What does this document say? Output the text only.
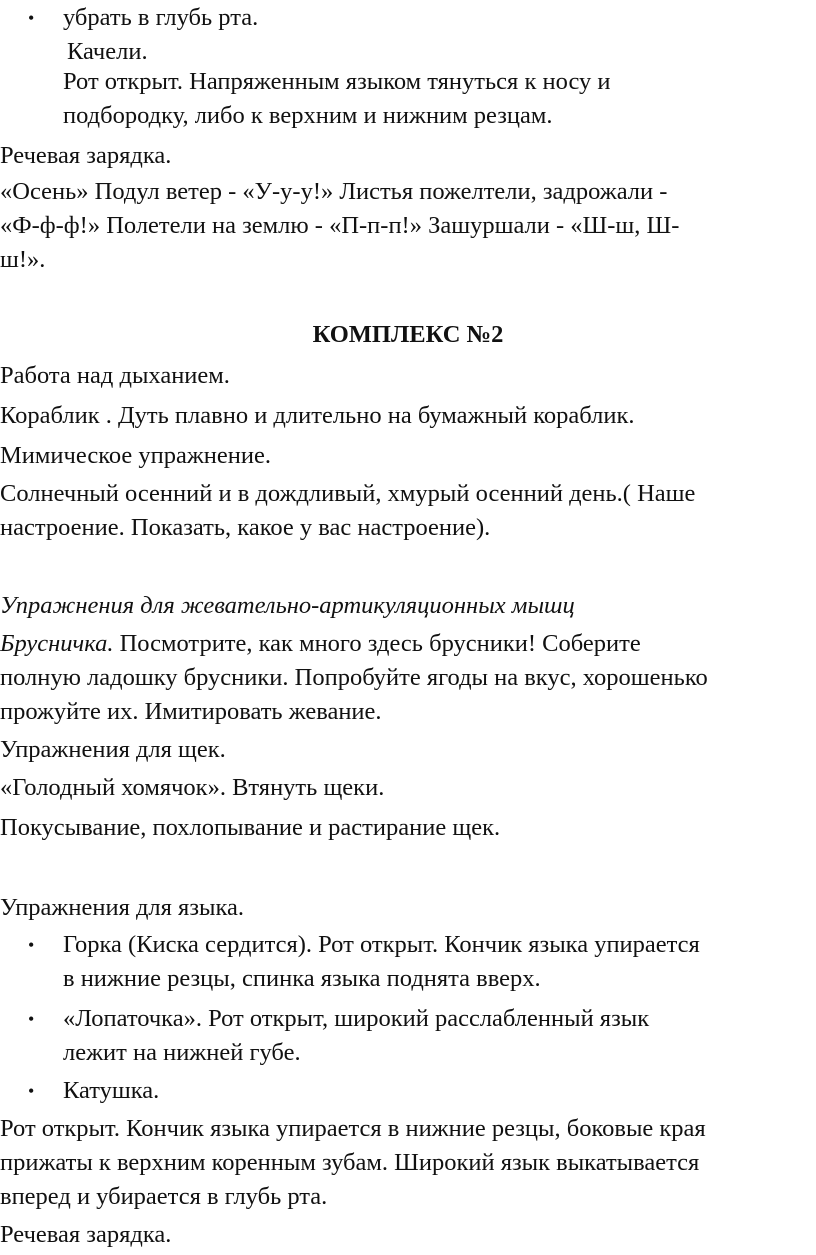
• убрать в глубь рта.
Качели.
Рот открыт. Напряженным языком тянуться к носу и
подбородку, либо к верхним и нижним резцам.
Речевая зарядка.
«Осень» Подул ветер - «У-у-у!» Листья пожелтели, задрожали -
«Ф-ф-ф!» Полетели на землю - «П-п-п!» Зашуршали - «Ш-ш, Ш-
ш!».
КОМПЛЕКС №2
Работа над дыханием.
Кораблик . Дуть плавно и длительно на бумажный кораблик.
Мимическое упражнение.
Солнечный осенний и в дождливый, хмурый осенний день.( Наше
настроение. Показать, какое у вас настроение).
Упражнения для жевательно-артикуляционных мышц
Брусничка. Посмотрите, как много здесь брусники! Соберите
полную ладошку брусники. Попробуйте ягоды на вкус, хорошенько
прожуйте их. Имитировать жевание.
Упражнения для щек.
«Голодный хомячок». Втянуть щеки.
Покусывание, похлопывание и растирание щек.
Упражнения для языка.
• Горка (Киска сердится). Рот открыт. Кончик языка упирается
в нижние резцы, спинка языка поднята вверх.
• «Лопаточка». Рот открыт, широкий расслабленный язык
лежит на нижней губе.
• Катушка.
Рот открыт. Кончик языка упирается в нижние резцы, боковые края
прижаты к верхним коренным зубам. Широкий язык выкатывается
вперед и убирается в глубь рта.
Речевая зарядка.
